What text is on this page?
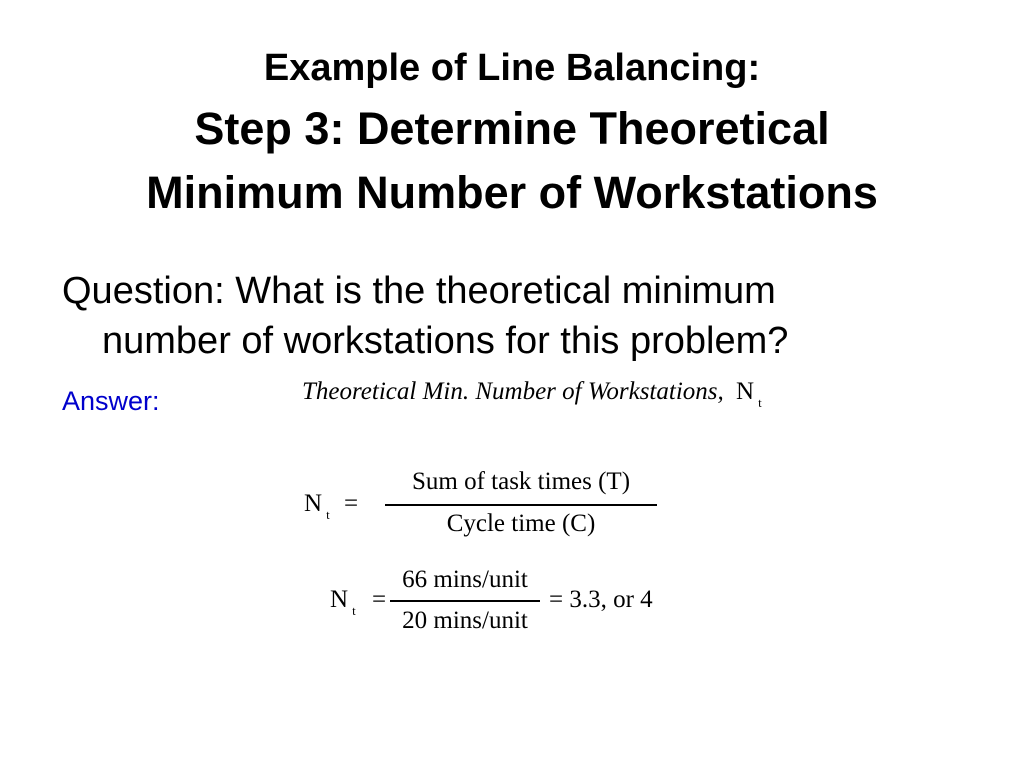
Example of Line Balancing:
Step 3: Determine Theoretical
Minimum Number of Workstations
Question: What is the theoretical minimum
number of workstations for this problem?
Answer:	Theoretical Min. Number of Workstations, N $_t$
N $_t$ =
Sum of task times (T)
Cycle time (C)
N $_t$ =
66 mins/unit
20 mins/unit
= 3.3, or 4
